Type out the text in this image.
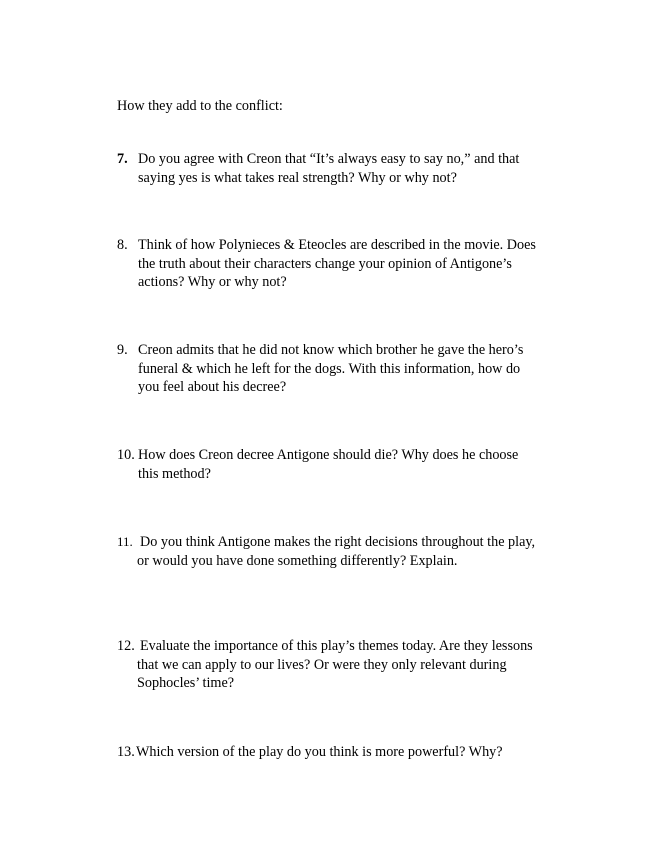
How they add to the conflict:
7. Do you agree with Creon that “It’s always easy to say no,” and that
saying yes is what takes real strength? Why or why not?
8. Think of how Polynieces & Eteocles are described in the movie. Does
the truth about their characters change your opinion of Antigone’s
actions? Why or why not?
9. Creon admits that he did not know which brother he gave the hero’s
funeral & which he left for the dogs. With this information, how do
you feel about his decree?
10. How does Creon decree Antigone should die? Why does he choose
this method?
11. Do you think Antigone makes the right decisions throughout the play,
or would you have done something differently? Explain.
12. Evaluate the importance of this play’s themes today. Are they lessons
that we can apply to our lives? Or were they only relevant during
Sophocles’ time?
13. Which version of the play do you think is more powerful? Why?
